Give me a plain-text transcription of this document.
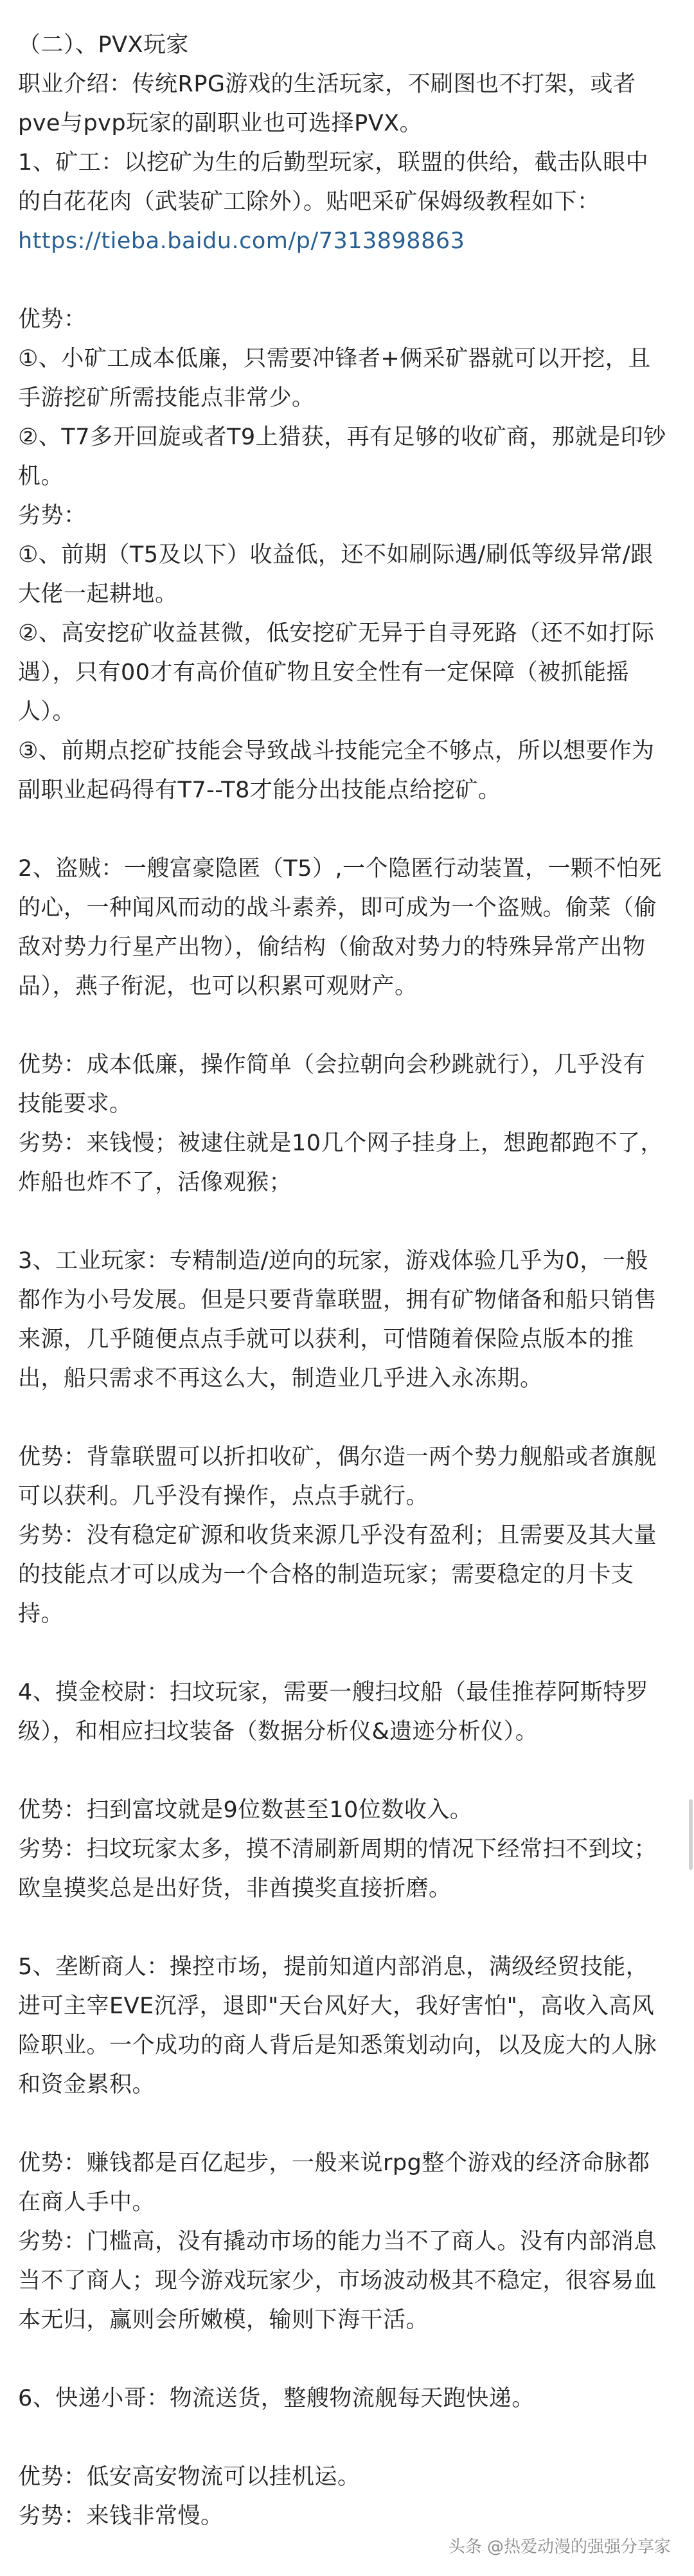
（二）、PVX玩家

职业介绍：传统RPG游戏的生活玩家，不刷图也不打架，或者pve与pvp玩家的副职业也可选择PVX。

1、矿工：以挖矿为生的后勤型玩家，联盟的供给，截击队眼中的白花花肉（武装矿工除外）。贴吧采矿保姆级教程如下：https://tieba.baidu.com/p/7313898863

优势：

①、小矿工成本低廉，只需要冲锋者+俩采矿器就可以开挖，且手游挖矿所需技能点非常少。

②、T7多开回旋或者T9上猎获，再有足够的收矿商，那就是印钞机。

劣势：

①、前期（T5及以下）收益低，还不如刷际遇/刷低等级异常/跟大佬一起耕地。

②、高安挖矿收益甚微，低安挖矿无异于自寻死路（还不如打际遇），只有00才有高价值矿物且安全性有一定保障（被抓能摇人）。

③、前期点挖矿技能会导致战斗技能完全不够点，所以想要作为副职业起码得有T7--T8才能分出技能点给挖矿。

2、盗贼：一艘富豪隐匿（T5）,一个隐匿行动装置，一颗不怕死的心，一种闻风而动的战斗素养，即可成为一个盗贼。偷菜（偷敌对势力行星产出物），偷结构（偷敌对势力的特殊异常产出物品），燕子衔泥，也可以积累可观财产。

优势：成本低廉，操作简单（会拉朝向会秒跳就行），几乎没有技能要求。

劣势：来钱慢；被逮住就是10几个网子挂身上，想跑都跑不了，炸船也炸不了，活像观猴；

3、工业玩家：专精制造/逆向的玩家，游戏体验几乎为0，一般都作为小号发展。但是只要背靠联盟，拥有矿物储备和船只销售来源，几乎随便点点手就可以获利，可惜随着保险点版本的推出，船只需求不再这么大，制造业几乎进入永冻期。

优势：背靠联盟可以折扣收矿，偶尔造一两个势力舰船或者旗舰可以获利。几乎没有操作，点点手就行。

劣势：没有稳定矿源和收货来源几乎没有盈利；且需要及其大量的技能点才可以成为一个合格的制造玩家；需要稳定的月卡支持。

4、摸金校尉：扫坟玩家，需要一艘扫坟船（最佳推荐阿斯特罗级），和相应扫坟装备（数据分析仪&遗迹分析仪）。

优势：扫到富坟就是9位数甚至10位数收入。

劣势：扫坟玩家太多，摸不清刷新周期的情况下经常扫不到坟；欧皇摸奖总是出好货，非酋摸奖直接折磨。

5、垄断商人：操控市场，提前知道内部消息，满级经贸技能，进可主宰EVE沉浮，退即"天台风好大，我好害怕"，高收入高风险职业。一个成功的商人背后是知悉策划动向，以及庞大的人脉和资金累积。

优势：赚钱都是百亿起步，一般来说rpg整个游戏的经济命脉都在商人手中。

劣势：门槛高，没有撬动市场的能力当不了商人。没有内部消息当不了商人；现今游戏玩家少，市场波动极其不稳定，很容易血本无归，赢则会所嫩模，输则下海干活。

6、快递小哥：物流送货，整艘物流舰每天跑快递。

优势：低安高安物流可以挂机运。

劣势：来钱非常慢。

头条 @热爱动漫的强强分享家
